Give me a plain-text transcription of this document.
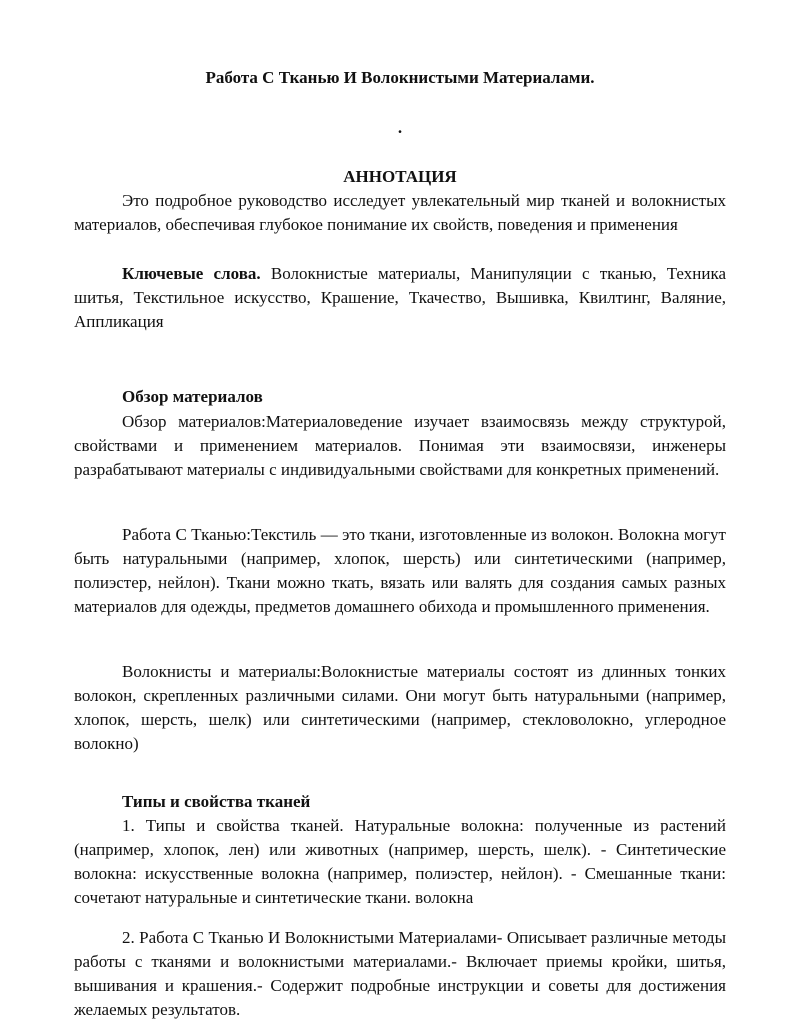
Работа С Тканью И Волокнистыми Материалами.

.

АННОТАЦИЯ

Это подробное руководство исследует увлекательный мир тканей и волокнистых материалов, обеспечивая глубокое понимание их свойств, поведения и применения

Ключевые слова. Волокнистые материалы, Манипуляции с тканью, Техника шитья, Текстильное искусство, Крашение, Ткачество, Вышивка, Квилтинг, Валяние, Аппликация

Обзор материалов

Обзор материалов:Материаловедение изучает взаимосвязь между структурой, свойствами и применением материалов. Понимая эти взаимосвязи, инженеры разрабатывают материалы с индивидуальными свойствами для конкретных применений.

Работа С Тканью:Текстиль — это ткани, изготовленные из волокон. Волокна могут быть натуральными (например, хлопок, шерсть) или синтетическими (например, полиэстер, нейлон). Ткани можно ткать, вязать или валять для создания самых разных материалов для одежды, предметов домашнего обихода и промышленного применения.

Волокнисты и материалы:Волокнистые материалы состоят из длинных тонких волокон, скрепленных различными силами. Они могут быть натуральными (например, хлопок, шерсть, шелк) или синтетическими (например, стекловолокно, углеродное волокно)

Типы и свойства тканей

1. Типы и свойства тканей. Натуральные волокна: полученные из растений (например, хлопок, лен) или животных (например, шерсть, шелк). - Синтетические волокна: искусственные волокна (например, полиэстер, нейлон). - Смешанные ткани: сочетают натуральные и синтетические ткани. волокна

2. Работа С Тканью И Волокнистыми Материалами- Описывает различные методы работы с тканями и волокнистыми материалами.- Включает приемы кройки, шитья, вышивания и крашения.- Содержит подробные инструкции и советы для достижения желаемых результатов.
